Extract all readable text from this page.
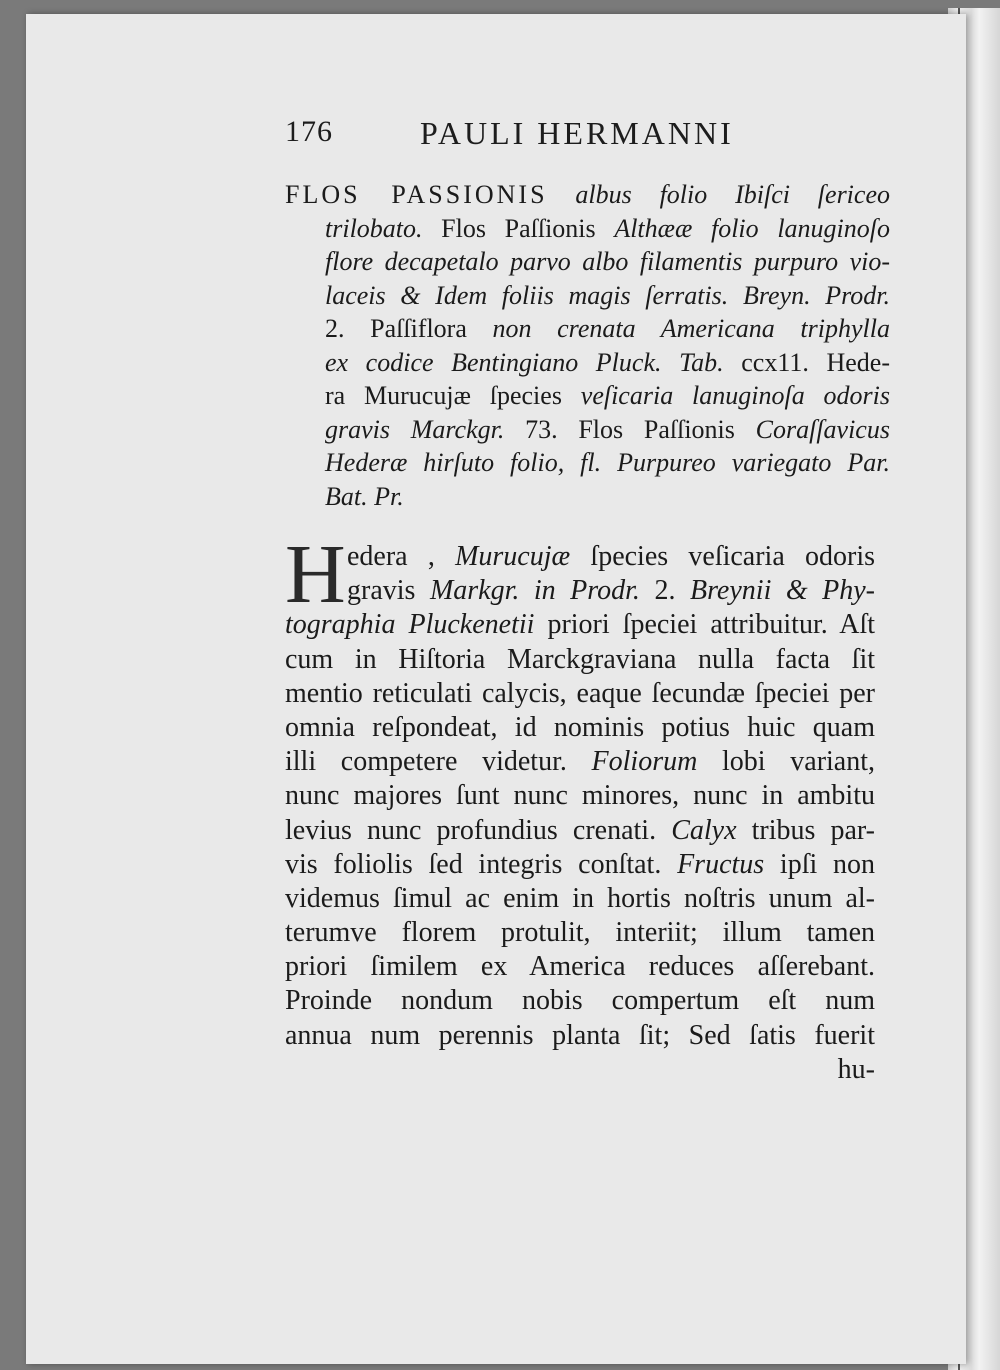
176	PAULI HERMANNI
FLOS PASSIONIS albus folio Ibiſci ſericeo
trilobato. Flos Paſſionis Althææ folio lanuginoſo
flore decapetalo parvo albo filamentis purpuro vio-
laceis & Idem foliis magis ſerratis. Breyn. Prodr.
2. Paſſiflora non crenata Americana triphylla
ex codice Bentingiano Pluck. Tab. ccx11. Hede-
ra Murucujæ ſpecies veſicaria lanuginoſa odoris
gravis Marckgr. 73. Flos Paſſionis Coraſſavicus
Hederæ hirſuto folio, fl. Purpureo variegato Par.
Bat. Pr.
H edera , Murucujæ ſpecies veſicaria odoris
gravis Markgr. in Prodr. 2. Breynii & Phy-
tographia Pluckenetii priori ſpeciei attribuitur. Aſt
cum in Hiſtoria Marckgraviana nulla facta ſit
mentio reticulati calycis, eaque ſecundæ ſpeciei per
omnia reſpondeat, id nominis potius huic quam
illi competere videtur. Foliorum lobi variant,
nunc majores ſunt nunc minores, nunc in ambitu
levius nunc profundius crenati. Calyx tribus par-
vis foliolis ſed integris conſtat. Fructus ipſi non
videmus ſimul ac enim in hortis noſtris unum al-
terumve florem protulit, interiit; illum tamen
priori ſimilem ex America reduces aſſerebant.
Proinde nondum nobis compertum eſt num
annua num perennis planta ſit; Sed ſatis fuerit
hu-
